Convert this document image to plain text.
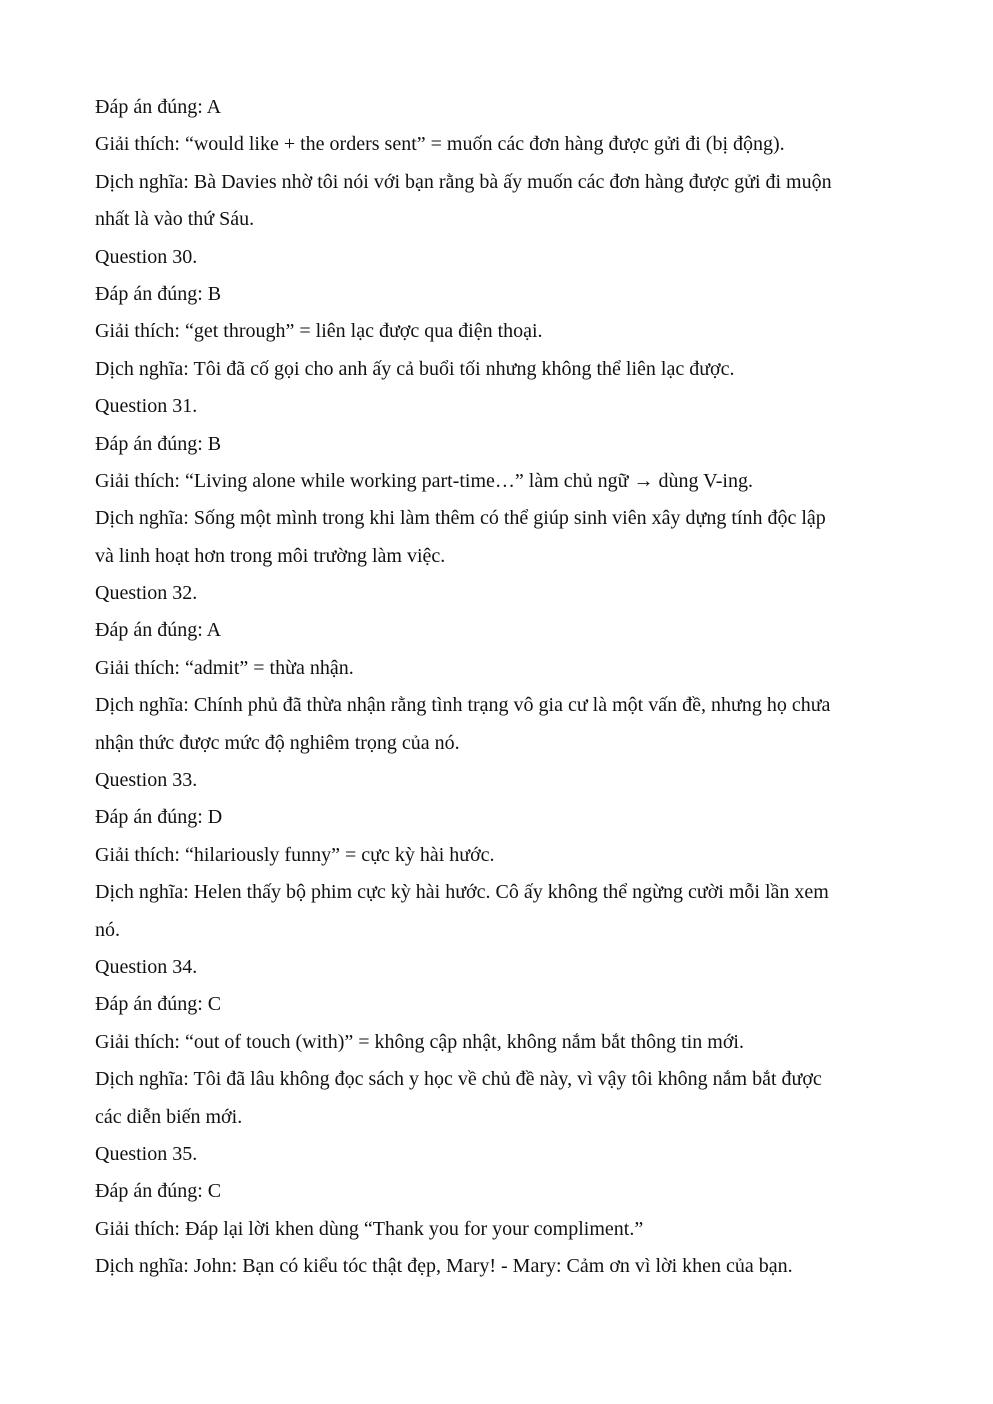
Đáp án đúng: A
Giải thích: “would like + the orders sent” = muốn các đơn hàng được gửi đi (bị động).
Dịch nghĩa: Bà Davies nhờ tôi nói với bạn rằng bà ấy muốn các đơn hàng được gửi đi muộn
nhất là vào thứ Sáu.
Question 30.
Đáp án đúng: B
Giải thích: “get through” = liên lạc được qua điện thoại.
Dịch nghĩa: Tôi đã cố gọi cho anh ấy cả buổi tối nhưng không thể liên lạc được.
Question 31.
Đáp án đúng: B
Giải thích: “Living alone while working part-time…” làm chủ ngữ → dùng V-ing.
Dịch nghĩa: Sống một mình trong khi làm thêm có thể giúp sinh viên xây dựng tính độc lập
và linh hoạt hơn trong môi trường làm việc.
Question 32.
Đáp án đúng: A
Giải thích: “admit” = thừa nhận.
Dịch nghĩa: Chính phủ đã thừa nhận rằng tình trạng vô gia cư là một vấn đề, nhưng họ chưa
nhận thức được mức độ nghiêm trọng của nó.
Question 33.
Đáp án đúng: D
Giải thích: “hilariously funny” = cực kỳ hài hước.
Dịch nghĩa: Helen thấy bộ phim cực kỳ hài hước. Cô ấy không thể ngừng cười mỗi lần xem
nó.
Question 34.
Đáp án đúng: C
Giải thích: “out of touch (with)” = không cập nhật, không nắm bắt thông tin mới.
Dịch nghĩa: Tôi đã lâu không đọc sách y học về chủ đề này, vì vậy tôi không nắm bắt được
các diễn biến mới.
Question 35.
Đáp án đúng: C
Giải thích: Đáp lại lời khen dùng “Thank you for your compliment.”
Dịch nghĩa: John: Bạn có kiểu tóc thật đẹp, Mary! - Mary: Cảm ơn vì lời khen của bạn.
